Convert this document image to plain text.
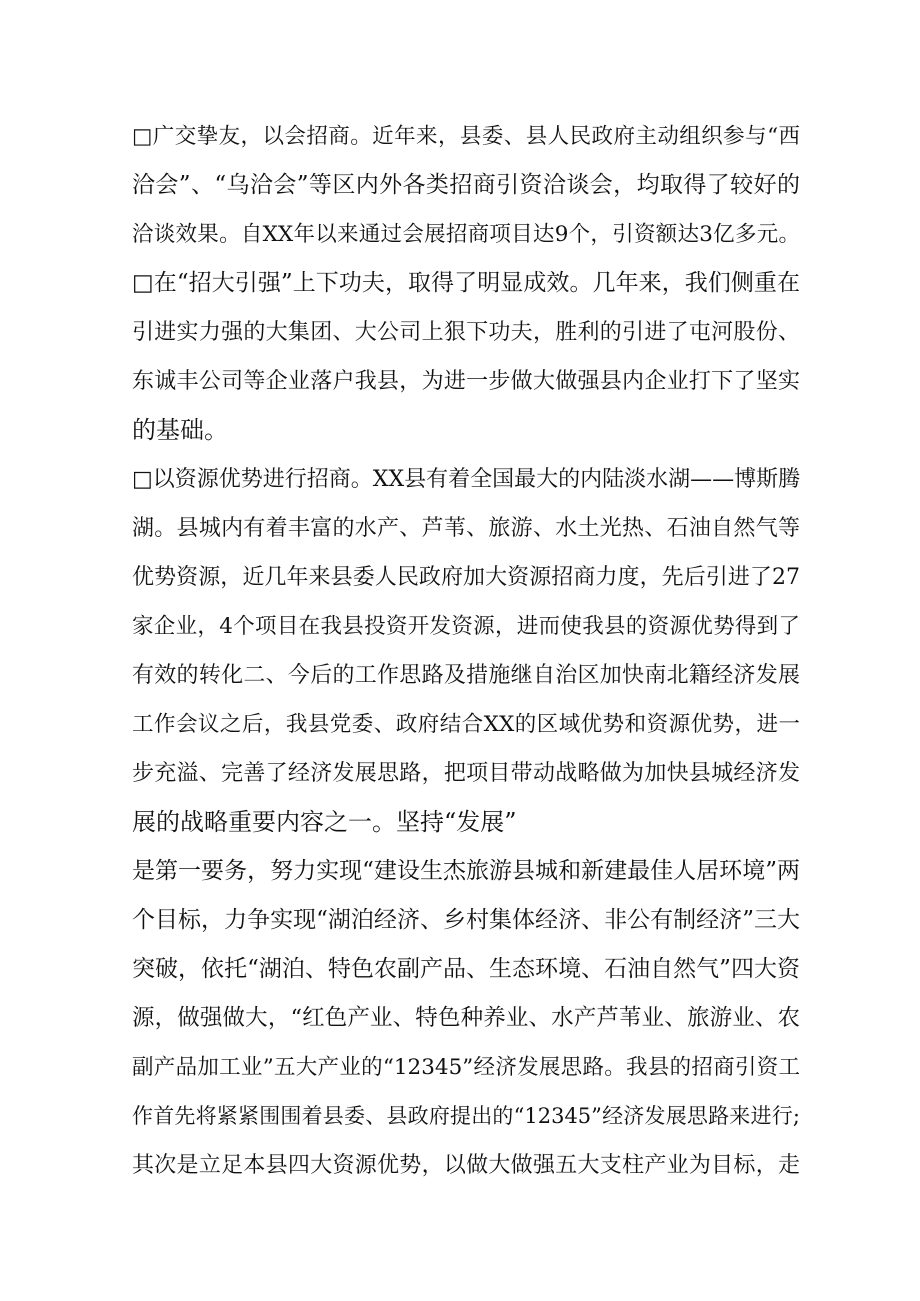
□广交挚友，以会招商。近年来，县委、县人民政府主动组织参与“西
洽会”、“乌洽会”等区内外各类招商引资洽谈会，均取得了较好的
洽谈效果。自XX年以来通过会展招商项目达9个，引资额达3亿多元。
□在“招大引强”上下功夫，取得了明显成效。几年来，我们侧重在
引进实力强的大集团、大公司上狠下功夫，胜利的引进了屯河股份、
东诚丰公司等企业落户我县，为进一步做大做强县内企业打下了坚实
的基础。
□以资源优势进行招商。XX县有着全国最大的内陆淡水湖——博斯腾
湖。县城内有着丰富的水产、芦苇、旅游、水土光热、石油自然气等
优势资源，近几年来县委人民政府加大资源招商力度，先后引进了27
家企业，4个项目在我县投资开发资源，进而使我县的资源优势得到了
有效的转化二、今后的工作思路及措施继自治区加快南北籍经济发展
工作会议之后，我县党委、政府结合XX的区域优势和资源优势，进一
步充溢、完善了经济发展思路，把项目带动战略做为加快县城经济发
展的战略重要内容之一。坚持“发展”
是第一要务，努力实现“建设生杰旅游县城和新建最佳人居环境”两
个目标，力争实现“湖泊经济、乡村集体经济、非公有制经济”三大
突破，依托“湖泊、特色农副产品、生态环境、石油自然气”四大资
源，做强做大，“红色产业、特色种养业、水产芦苇业、旅游业、农
副产品加工业”五大产业的“12345”经济发展思路。我县的招商引资工
作首先将紧紧围围着县委、县政府提出的“12345”经济发展思路来进行;
其次是立足本县四大资源优势，以做大做强五大支柱产业为目标，走
